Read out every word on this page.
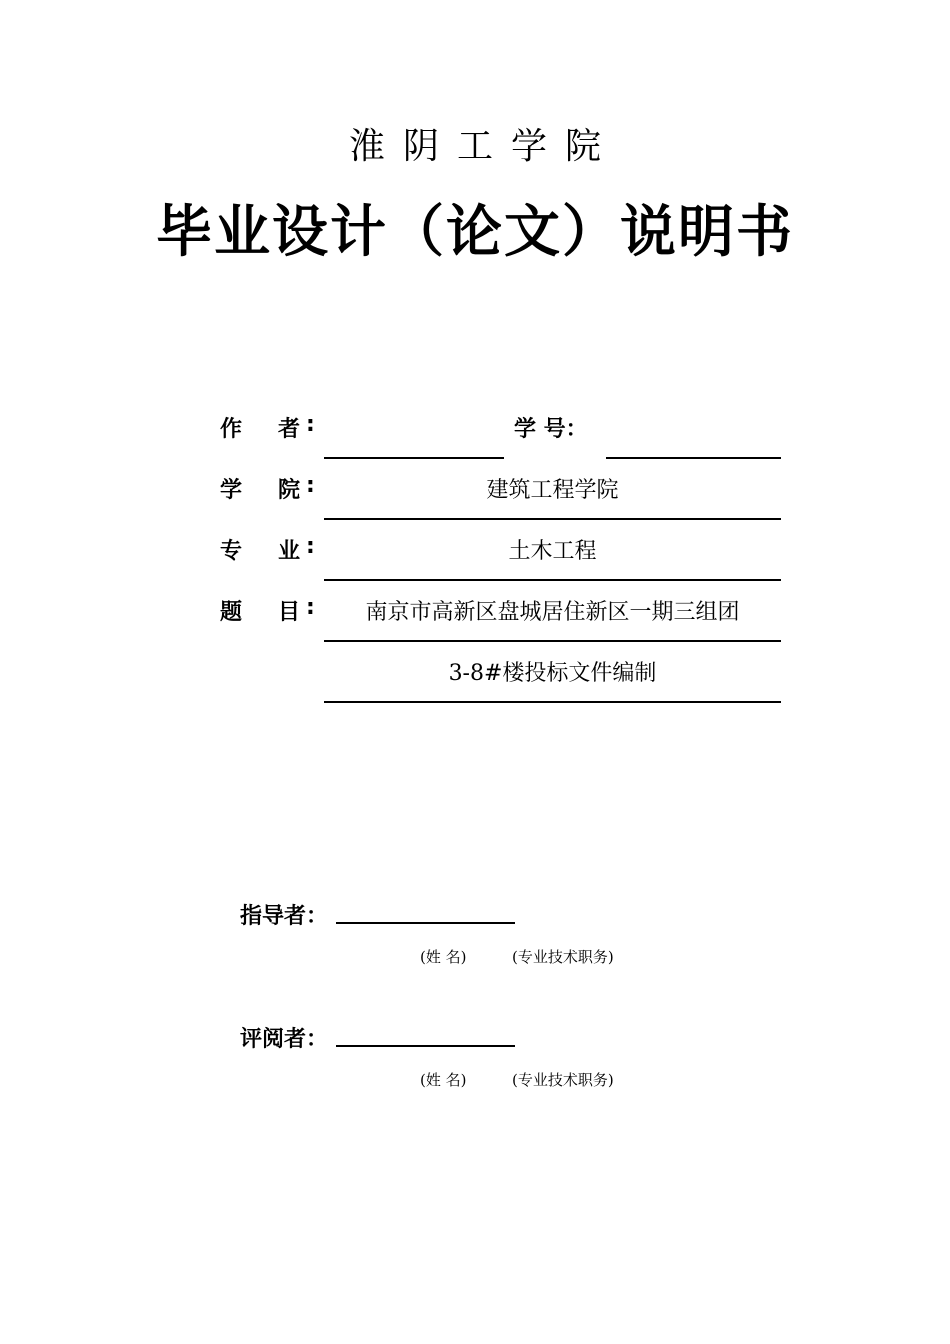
淮阴工学院
毕业设计（论文）说明书
作 者 :	学 号：
学 院 :	建筑工程学院
专 业 :	土木工程
题 目 :	南京市高新区盘城居住新区一期三组团
3-8#楼投标文件编制
指导者：
(姓 名)	(专业技术职务)
评阅者：
(姓 名)	(专业技术职务)
